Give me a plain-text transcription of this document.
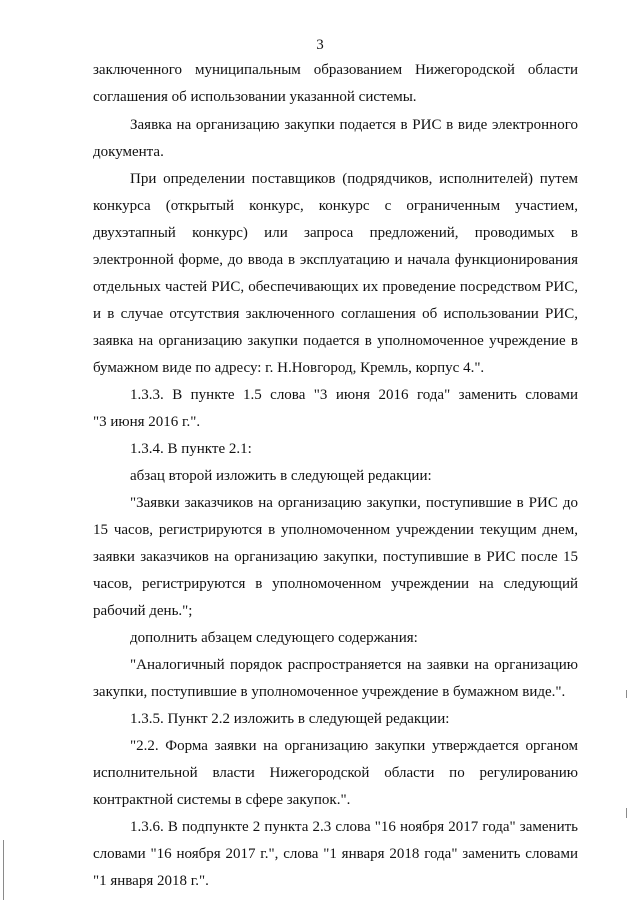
3
заключенного муниципальным образованием Нижегородской области
соглашения об использовании указанной системы.
Заявка на организацию закупки подается в РИС в виде электронного
документа.
При определении поставщиков (подрядчиков, исполнителей) путем
конкурса (открытый конкурс, конкурс с ограниченным участием,
двухэтапный конкурс) или запроса предложений, проводимых в
электронной форме, до ввода в эксплуатацию и начала функционирования
отдельных частей РИС, обеспечивающих их проведение посредством РИС,
и в случае отсутствия заключенного соглашения об использовании РИС,
заявка на организацию закупки подается в уполномоченное учреждение в
бумажном виде по адресу: г. Н.Новгород, Кремль, корпус 4.".
1.3.3. В пункте 1.5 слова "3 июня 2016 года" заменить словами
"3 июня 2016 г.".
1.3.4. В пункте 2.1:
абзац второй изложить в следующей редакции:
"Заявки заказчиков на организацию закупки, поступившие в РИС до
15 часов, регистрируются в уполномоченном учреждении текущим днем,
заявки заказчиков на организацию закупки, поступившие в РИС после 15
часов, регистрируются в уполномоченном учреждении на следующий
рабочий день.";
дополнить абзацем следующего содержания:
"Аналогичный порядок распространяется на заявки на организацию
закупки, поступившие в уполномоченное учреждение в бумажном виде.".
1.3.5. Пункт 2.2 изложить в следующей редакции:
"2.2. Форма заявки на организацию закупки утверждается органом
исполнительной власти Нижегородской области по регулированию
контрактной системы в сфере закупок.".
1.3.6. В подпункте 2 пункта 2.3 слова "16 ноября 2017 года" заменить
словами "16 ноября 2017 г.", слова "1 января 2018 года" заменить словами
"1 января 2018 г.".
